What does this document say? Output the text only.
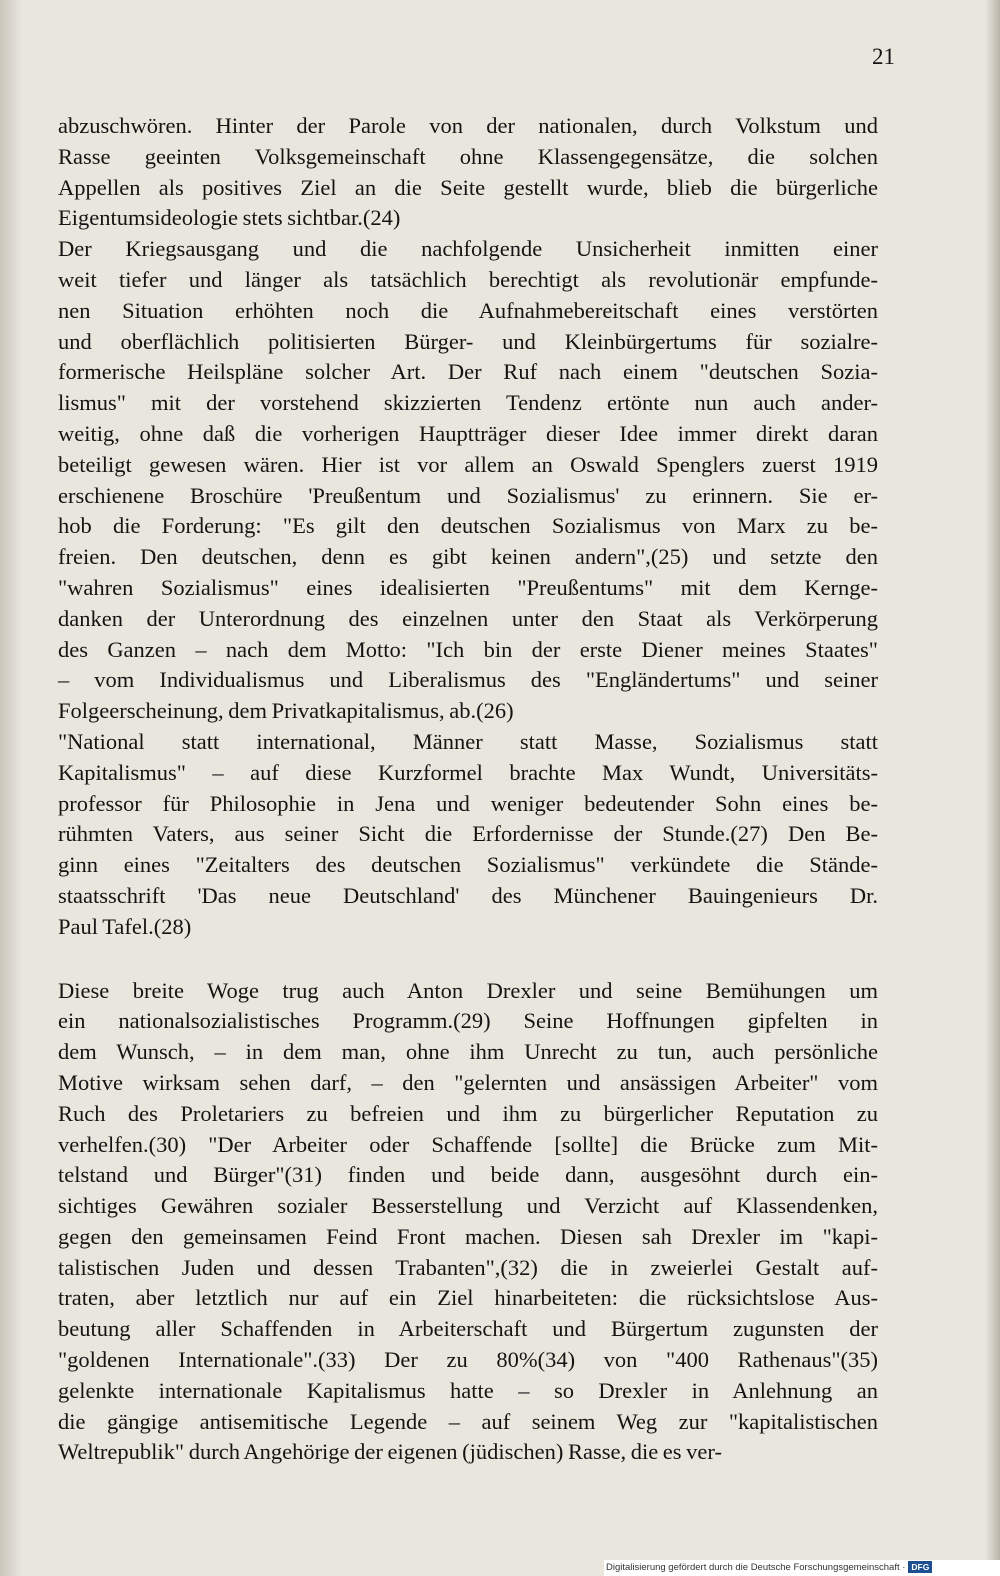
21
abzuschwören. Hinter der Parole von der nationalen, durch Volkstum und
Rasse geeinten Volksgemeinschaft ohne Klassengegensätze, die solchen
Appellen als positives Ziel an die Seite gestellt wurde, blieb die bürgerliche
Eigentumsideologie stets sichtbar.(24)
Der Kriegsausgang und die nachfolgende Unsicherheit inmitten einer
weit tiefer und länger als tatsächlich berechtigt als revolutionär empfunde-
nen Situation erhöhten noch die Aufnahmebereitschaft eines verstörten
und oberflächlich politisierten Bürger- und Kleinbürgertums für sozialre-
formerische Heilspläne solcher Art. Der Ruf nach einem "deutschen Sozia-
lismus" mit der vorstehend skizzierten Tendenz ertönte nun auch ander-
weitig, ohne daß die vorherigen Hauptträger dieser Idee immer direkt daran
beteiligt gewesen wären. Hier ist vor allem an Oswald Spenglers zuerst 1919
erschienene Broschüre 'Preußentum und Sozialismus' zu erinnern. Sie er-
hob die Forderung: "Es gilt den deutschen Sozialismus von Marx zu be-
freien. Den deutschen, denn es gibt keinen andern",(25) und setzte den
"wahren Sozialismus" eines idealisierten "Preußentums" mit dem Kernge-
danken der Unterordnung des einzelnen unter den Staat als Verkörperung
des Ganzen – nach dem Motto: "Ich bin der erste Diener meines Staates"
– vom Individualismus und Liberalismus des "Engländertums" und seiner
Folgeerscheinung, dem Privatkapitalismus, ab.(26)
"National statt international, Männer statt Masse, Sozialismus statt
Kapitalismus" – auf diese Kurzformel brachte Max Wundt, Universitäts-
professor für Philosophie in Jena und weniger bedeutender Sohn eines be-
rühmten Vaters, aus seiner Sicht die Erfordernisse der Stunde.(27) Den Be-
ginn eines "Zeitalters des deutschen Sozialismus" verkündete die Stände-
staatsschrift 'Das neue Deutschland' des Münchener Bauingenieurs Dr.
Paul Tafel.(28)
Diese breite Woge trug auch Anton Drexler und seine Bemühungen um
ein nationalsozialistisches Programm.(29) Seine Hoffnungen gipfelten in
dem Wunsch, – in dem man, ohne ihm Unrecht zu tun, auch persönliche
Motive wirksam sehen darf, – den "gelernten und ansässigen Arbeiter" vom
Ruch des Proletariers zu befreien und ihm zu bürgerlicher Reputation zu
verhelfen.(30) "Der Arbeiter oder Schaffende [sollte] die Brücke zum Mit-
telstand und Bürger"(31) finden und beide dann, ausgesöhnt durch ein-
sichtiges Gewähren sozialer Besserstellung und Verzicht auf Klassendenken,
gegen den gemeinsamen Feind Front machen. Diesen sah Drexler im "kapi-
talistischen Juden und dessen Trabanten",(32) die in zweierlei Gestalt auf-
traten, aber letztlich nur auf ein Ziel hinarbeiteten: die rücksichtslose Aus-
beutung aller Schaffenden in Arbeiterschaft und Bürgertum zugunsten der
"goldenen Internationale".(33) Der zu 80%(34) von "400 Rathenaus"(35)
gelenkte internationale Kapitalismus hatte – so Drexler in Anlehnung an
die gängige antisemitische Legende – auf seinem Weg zur "kapitalistischen
Weltrepublik" durch Angehörige der eigenen (jüdischen) Rasse, die es ver-
Digitalisierung gefördert durch die Deutsche Forschungsgemeinschaft · DFG
